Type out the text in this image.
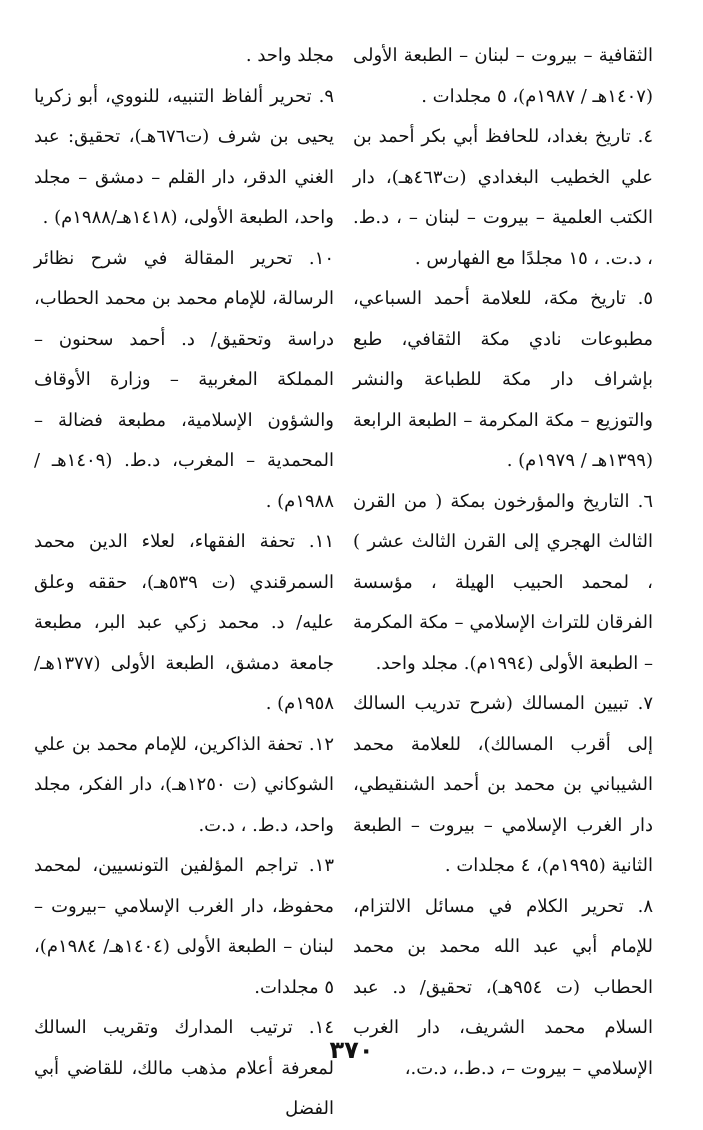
الثقافية – بيروت – لبنان – الطبعة الأولى (١٤٠٧هـ / ١٩٨٧م)، ٥ مجلدات .

٤. تاريخ بغداد، للحافظ أبي بكر أحمد بن علي الخطيب البغدادي (ت٤٦٣هـ)، دار الكتب العلمية – بيروت – لبنان – ، د.ط. ، د.ت. ، ١٥ مجلدًا مع الفهارس .

٥. تاريخ مكة، للعلامة أحمد السباعي، مطبوعات نادي مكة الثقافي، طبع بإشراف دار مكة للطباعة والنشر والتوزيع – مكة المكرمة – الطبعة الرابعة (١٣٩٩هـ / ١٩٧٩م) .

٦. التاريخ والمؤرخون بمكة ( من القرن الثالث الهجري إلى القرن الثالث عشر ) ، لمحمد الحبيب الهيلة ، مؤسسة الفرقان للتراث الإسلامي – مكة المكرمة – الطبعة الأولى (١٩٩٤م). مجلد واحد.

٧. تبيين المسالك (شرح تدريب السالك إلى أقرب المسالك)، للعلامة محمد الشيباني بن محمد بن أحمد الشنقيطي، دار الغرب الإسلامي – بيروت – الطبعة الثانية (١٩٩٥م)، ٤ مجلدات .

٨. تحرير الكلام في مسائل الالتزام، للإمام أبي عبد الله محمد بن محمد الحطاب (ت ٩٥٤هـ)، تحقيق/ د. عبد السلام محمد الشريف، دار الغرب الإسلامي – بيروت –، د.ط.، د.ت.،

مجلد واحد .

٩. تحرير ألفاظ التنبيه، للنووي، أبو زكريا يحيى بن شرف (ت٦٧٦هـ)، تحقيق: عبد الغني الدقر، دار القلم – دمشق – مجلد واحد، الطبعة الأولى، (١٤١٨هـ/١٩٨٨م) .

١٠. تحرير المقالة في شرح نظائر الرسالة، للإمام محمد بن محمد الحطاب، دراسة وتحقيق/ د. أحمد سحنون – المملكة المغربية – وزارة الأوقاف والشؤون الإسلامية، مطبعة فضالة – المحمدية – المغرب، د.ط. (١٤٠٩هـ / ١٩٨٨م) .

١١. تحفة الفقهاء، لعلاء الدين محمد السمرقندي (ت ٥٣٩هـ)، حققه وعلق عليه/ د. محمد زكي عبد البر، مطبعة جامعة دمشق، الطبعة الأولى (١٣٧٧هـ/ ١٩٥٨م) .

١٢. تحفة الذاكرين، للإمام محمد بن علي الشوكاني (ت ١٢٥٠هـ)، دار الفكر، مجلد واحد، د.ط. ، د.ت.

١٣. تراجم المؤلفين التونسيين، لمحمد محفوظ، دار الغرب الإسلامي –بيروت – لبنان – الطبعة الأولى (١٤٠٤هـ/ ١٩٨٤م)، ٥ مجلدات.

١٤. ترتيب المدارك وتقريب السالك لمعرفة أعلام مذهب مالك، للقاضي أبي الفضل

٣٧٠
